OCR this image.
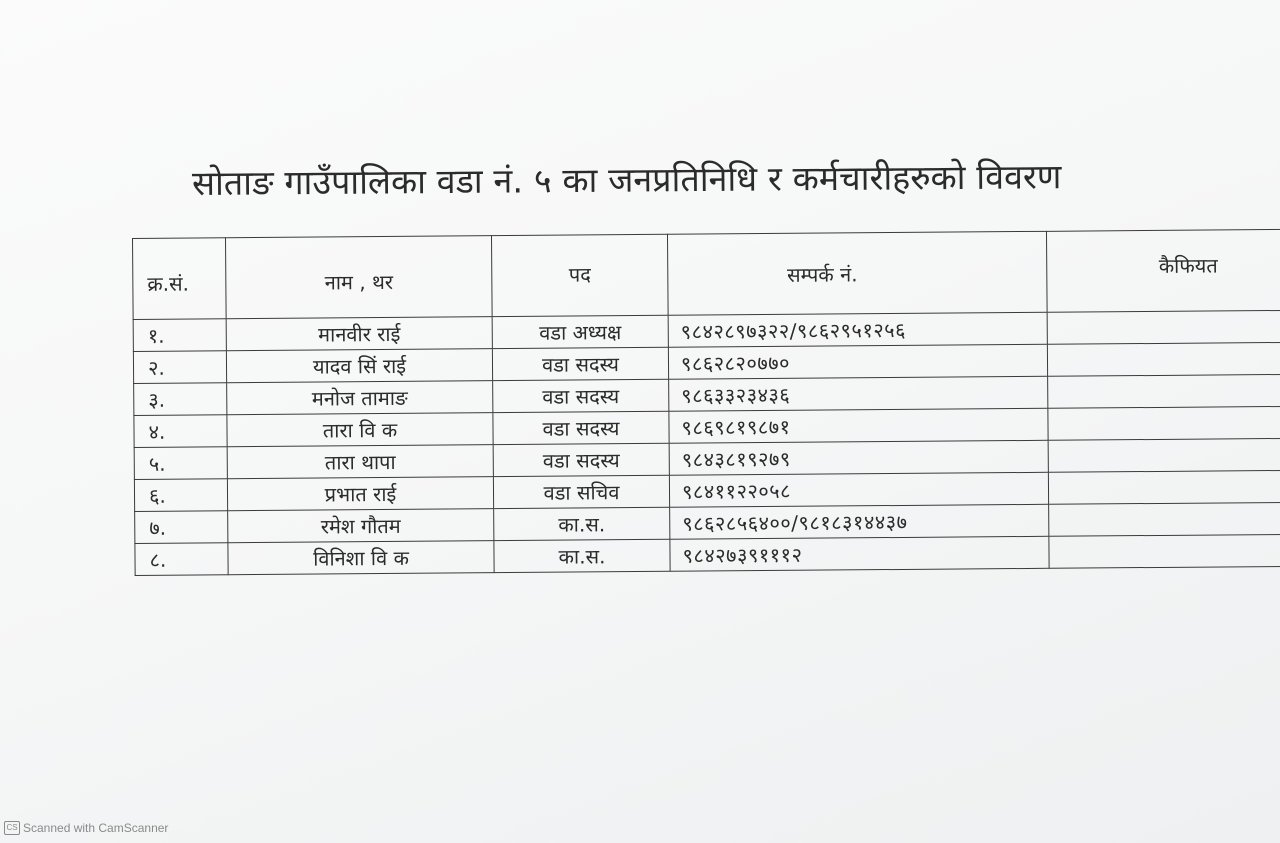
सोताङ गाउँपालिका वडा नं. ५ का जनप्रतिनिधि र कर्मचारीहरुको विवरण
क्र.सं.	नाम , थर	पद	सम्पर्क नं.	कैफियत
१.	मानवीर राई	वडा अध्यक्ष	९८४२८९७३२२/९८६२९५१२५६	
२.	यादव सिं राई	वडा सदस्य	९८६२८२०७७०	
३.	मनोज तामाङ	वडा सदस्य	९८६३३२३४३६	
४.	तारा वि क	वडा सदस्य	९८६९८१९८७१	
५.	तारा थापा	वडा सदस्य	९८४३८१९२७९	
६.	प्रभात राई	वडा सचिव	९८४११२२०५८	
७.	रमेश गौतम	का.स.	९८६२८५६४००/९८१८३१४४३७	
८.	विनिशा वि क	का.स.	९८४२७३९१११२	
CS Scanned with CamScanner
